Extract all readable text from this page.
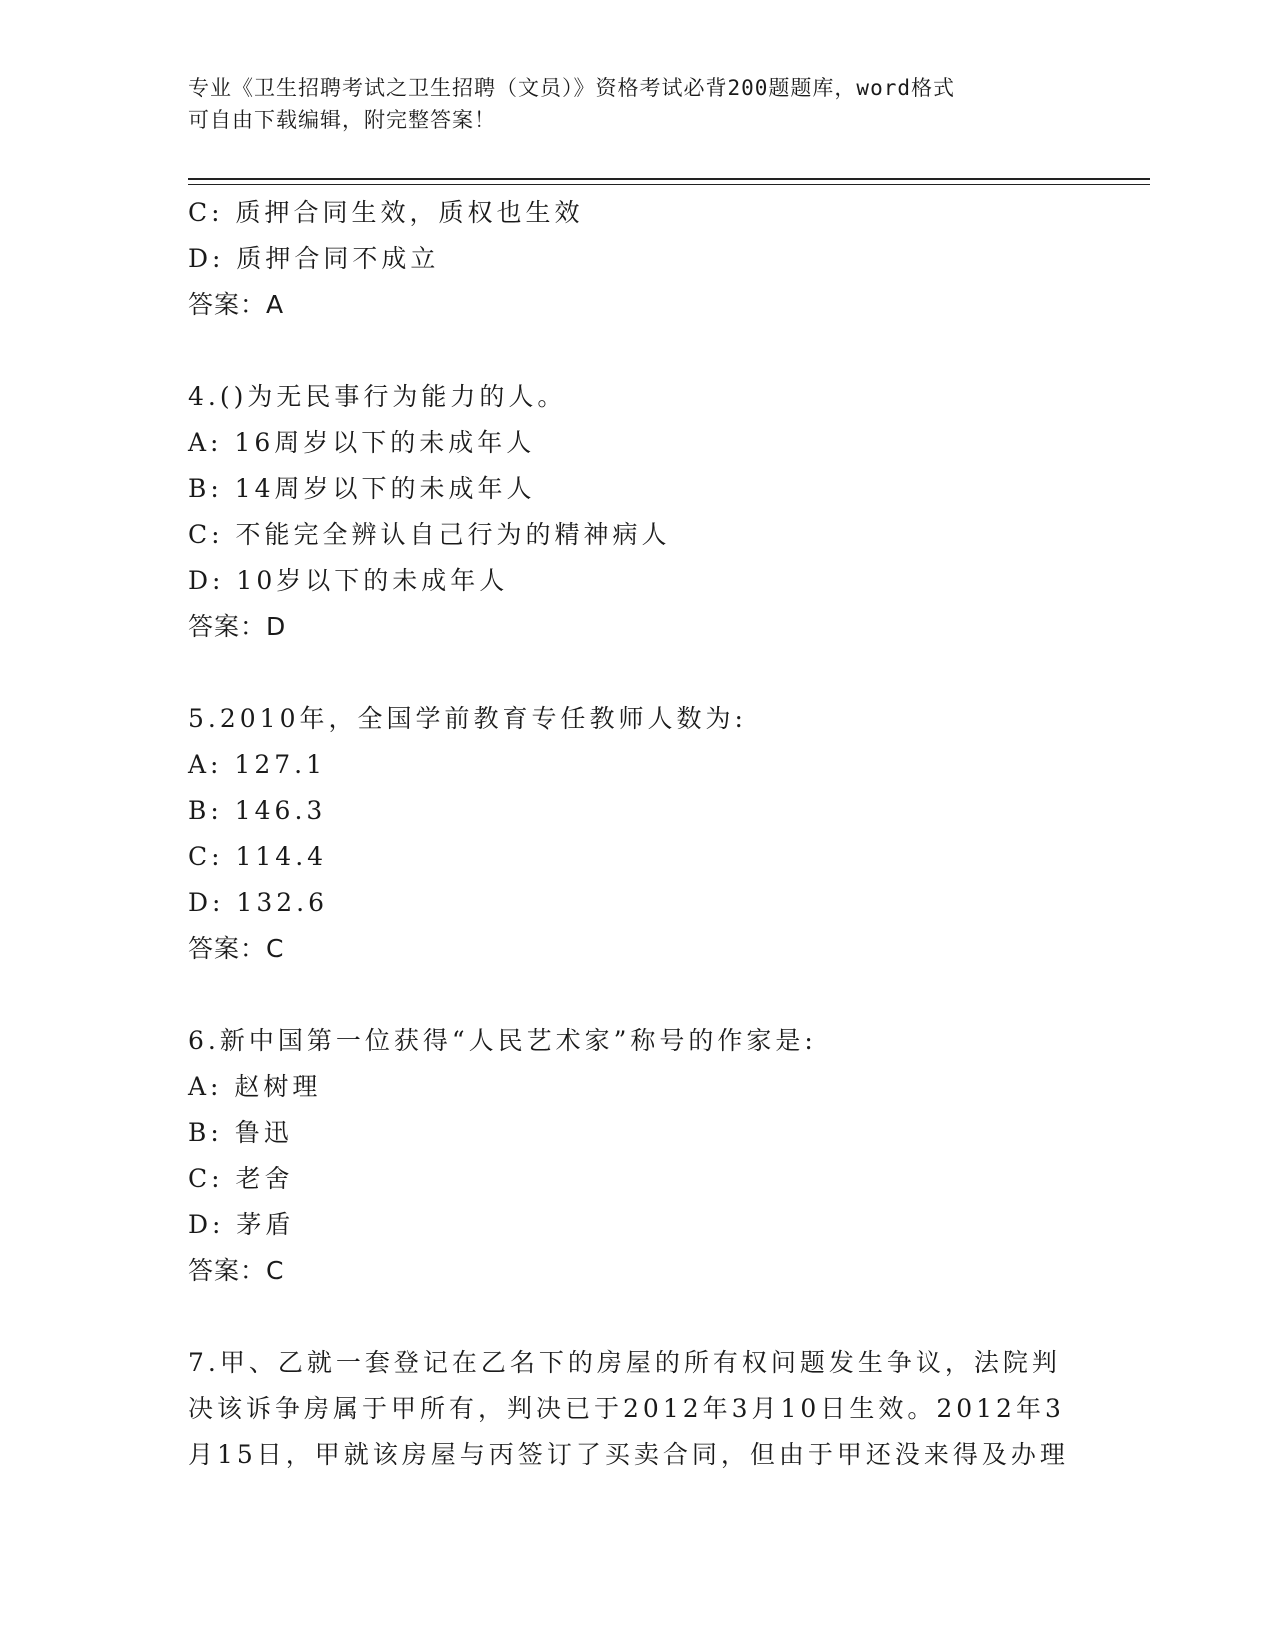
专业《卫生招聘考试之卫生招聘（文员）》资格考试必背200题题库，word格式
可自由下载编辑，附完整答案！
C: 质押合同生效，质权也生效
D: 质押合同不成立
答案：A
4.()为无民事行为能力的人。
A: 16周岁以下的未成年人
B: 14周岁以下的未成年人
C: 不能完全辨认自己行为的精神病人
D: 10岁以下的未成年人
答案：D
5.2010年，全国学前教育专任教师人数为:
A: 127.1
B: 146.3
C: 114.4
D: 132.6
答案：C
6.新中国第一位获得“人民艺术家”称号的作家是:
A: 赵树理
B: 鲁迅
C: 老舍
D: 茅盾
答案：C
7.甲、乙就一套登记在乙名下的房屋的所有权问题发生争议，法院判
决该诉争房属于甲所有，判决已于2012年3月10日生效。2012年3
月15日，甲就该房屋与丙签订了买卖合同，但由于甲还没来得及办理
